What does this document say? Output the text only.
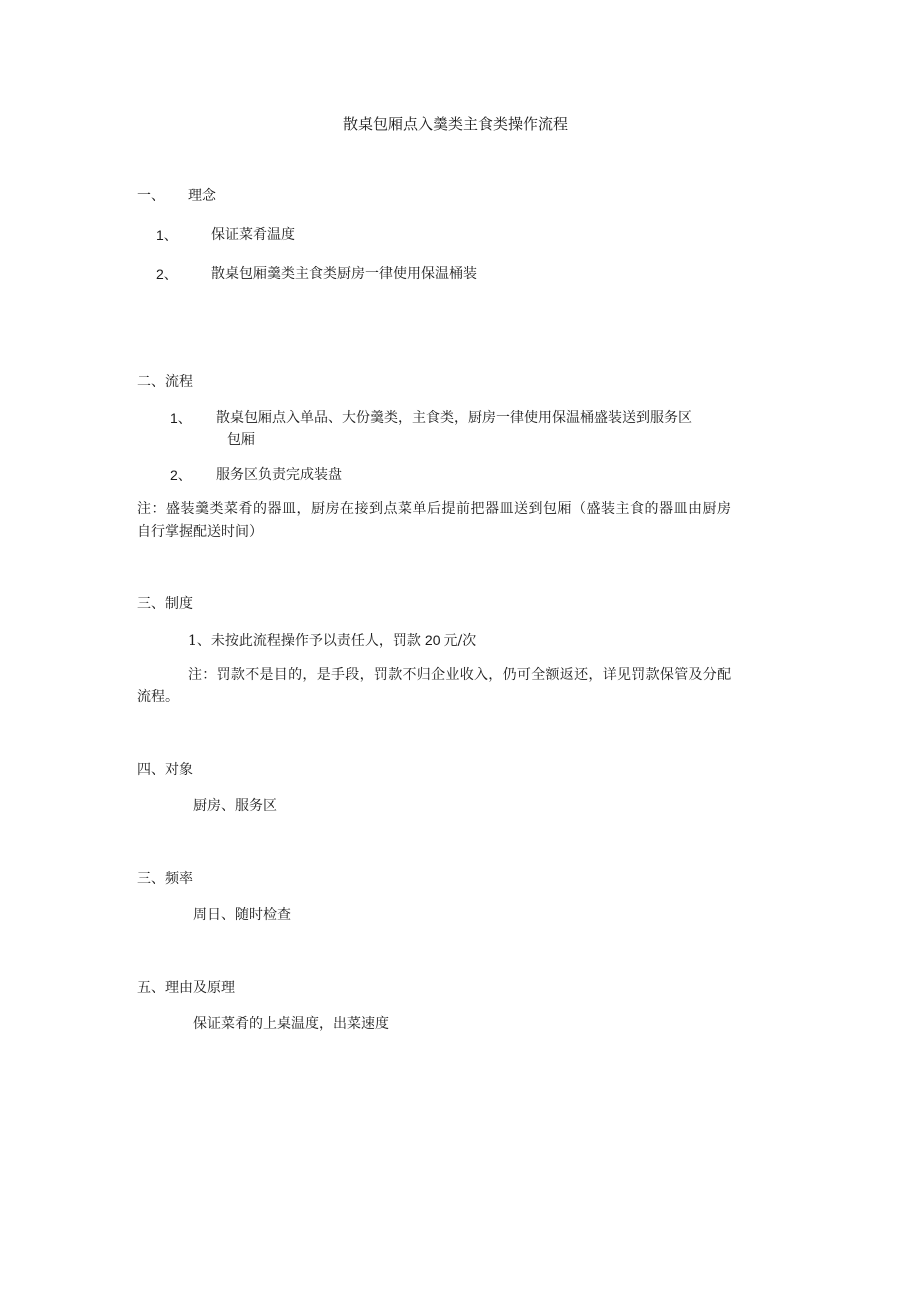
散桌包厢点入羹类主食类操作流程
一、 理念
1、 保证菜肴温度
2、 散桌包厢羹类主食类厨房一律使用保温桶装
二、流程
1、 散桌包厢点入单品、大份羹类，主食类，厨房一律使用保温桶盛装送到服务区
包厢
2、 服务区负责完成装盘
注：盛装羹类菜肴的器皿，厨房在接到点菜单后提前把器皿送到包厢（盛装主食的器皿由厨房
自行掌握配送时间）
三、制度
1、未按此流程操作予以责任人，罚款 20 元/次
注：罚款不是目的，是手段，罚款不归企业收入，仍可全额返还，详见罚款保管及分配
流程。
四、对象
厨房、服务区
三、频率
周日、随时检查
五、理由及原理
保证菜肴的上桌温度，出菜速度
